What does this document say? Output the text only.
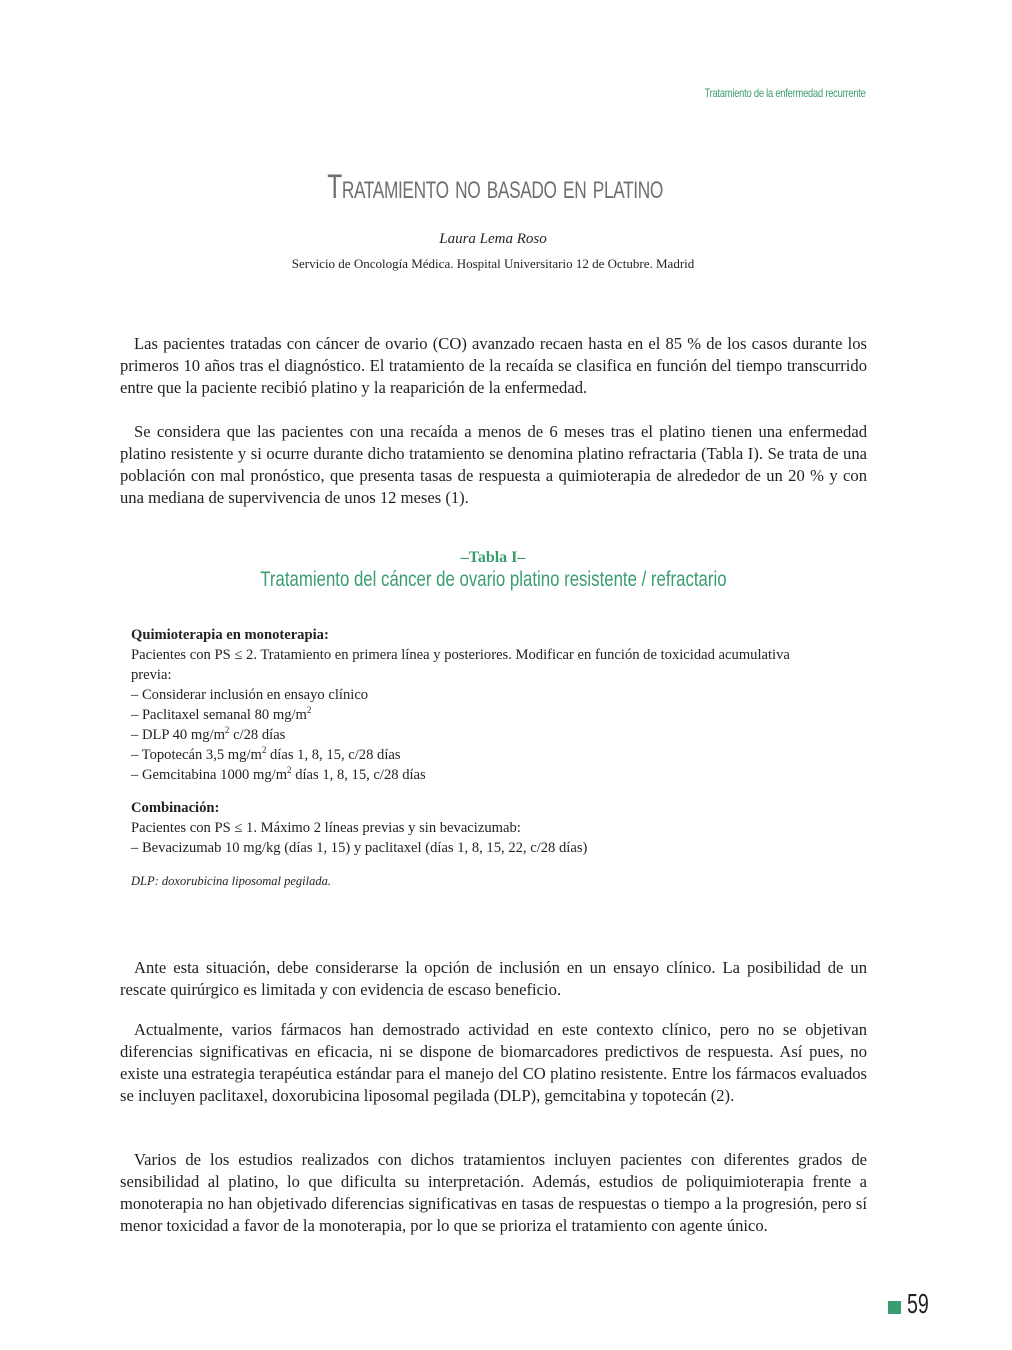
Tratamiento de la enfermedad recurrente
Tratamiento no basado en platino
Laura Lema Roso
Servicio de Oncología Médica. Hospital Universitario 12 de Octubre. Madrid

Las pacientes tratadas con cáncer de ovario (CO) avanzado recaen hasta en el 85 % de los casos durante los primeros 10 años tras el diagnóstico. El tratamiento de la recaída se clasifica en función del tiempo transcurrido entre que la paciente recibió platino y la reaparición de la enfermedad.

Se considera que las pacientes con una recaída a menos de 6 meses tras el platino tienen una enfermedad platino resistente y si ocurre durante dicho tratamiento se denomina platino refractaria (Tabla I). Se trata de una población con mal pronóstico, que presenta tasas de respuesta a quimioterapia de alrededor de un 20 % y con una mediana de supervivencia de unos 12 meses (1).

–Tabla I–
Tratamiento del cáncer de ovario platino resistente / refractario
Quimioterapia en monoterapia:
Pacientes con PS ≤ 2. Tratamiento en primera línea y posteriores. Modificar en función de toxicidad acumulativa previa:
– Considerar inclusión en ensayo clínico
– Paclitaxel semanal 80 $mg/m^2$
– DLP 40 $mg/m^2$ c/28 días
– Topotecán 3,5 $mg/m^2$ días 1, 8, 15, c/28 días
– Gemcitabina 1000 $mg/m^2$ días 1, 8, 15, c/28 días
Combinación:
Pacientes con PS ≤ 1. Máximo 2 líneas previas y sin bevacizumab:
– Bevacizumab 10 mg/kg (días 1, 15) y paclitaxel (días 1, 8, 15, 22, c/28 días)
DLP: doxorubicina liposomal pegilada.

Ante esta situación, debe considerarse la opción de inclusión en un ensayo clínico. La posibilidad de un rescate quirúrgico es limitada y con evidencia de escaso beneficio.

Actualmente, varios fármacos han demostrado actividad en este contexto clínico, pero no se objetivan diferencias significativas en eficacia, ni se dispone de biomarcadores predictivos de respuesta. Así pues, no existe una estrategia terapéutica estándar para el manejo del CO platino resistente. Entre los fármacos evaluados se incluyen paclitaxel, doxorubicina liposomal pegilada (DLP), gemcitabina y topotecán (2).

Varios de los estudios realizados con dichos tratamientos incluyen pacientes con diferentes grados de sensibilidad al platino, lo que dificulta su interpretación. Además, estudios de poliquimioterapia frente a monoterapia no han objetivado diferencias significativas en tasas de respuestas o tiempo a la progresión, pero sí menor toxicidad a favor de la monoterapia, por lo que se prioriza el tratamiento con agente único.

59
